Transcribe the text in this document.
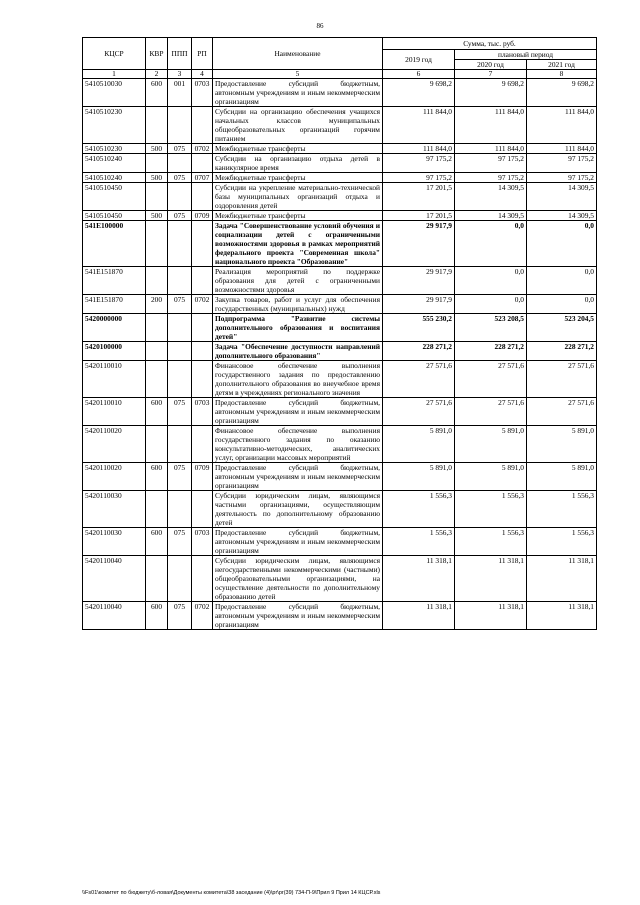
86
КЦСР	КВР	ППП	РП	Наименование	Сумма, тыс. руб.		
					2019 год	плановый период	
						2020 год	2021 год
1	2	3	4	5	6	7	8
5410510030	600	001	0703	Предоставление субсидий бюджетным, автономным учреждениям и иным некоммерческим организациям	9 698,2	9 698,2	9 698,2
5410510230				Субсидии на организацию обеспечения учащихся начальных классов муниципальных общеобразовательных организаций горячим питанием	111 844,0	111 844,0	111 844,0
5410510230	500	075	0702	Межбюджетные трансферты	111 844,0	111 844,0	111 844,0
5410510240				Субсидии на организацию отдыха детей в каникулярное время	97 175,2	97 175,2	97 175,2
5410510240	500	075	0707	Межбюджетные трансферты	97 175,2	97 175,2	97 175,2
5410510450				Субсидии на укрепление материально-технической базы муниципальных организаций отдыха и оздоровления детей	17 201,5	14 309,5	14 309,5
5410510450	500	075	0709	Межбюджетные трансферты	17 201,5	14 309,5	14 309,5
541E100000				Задача "Совершенствование условий обучения и социализации детей с ограниченными возможностями здоровья в рамках мероприятий федерального проекта "Современная школа" национального проекта "Образование"	29 917,9	0,0	0,0
541E151870				Реализация мероприятий по поддержке образования для детей с ограниченными возможностями здоровья	29 917,9	0,0	0,0
541E151870	200	075	0702	Закупка товаров, работ и услуг для обеспечения государственных (муниципальных) нужд	29 917,9	0,0	0,0
5420000000				Подпрограмма "Развитие системы дополнительного образования и воспитания детей"	555 230,2	523 208,5	523 204,5
5420100000				Задача "Обеспечение доступности направлений дополнительного образования"	228 271,2	228 271,2	228 271,2
5420110010				Финансовое обеспечение выполнения государственного задания по предоставлению дополнительного образования во внеучебное время детям в учреждениях регионального значения	27 571,6	27 571,6	27 571,6
5420110010	600	075	0703	Предоставление субсидий бюджетным, автономным учреждениям и иным некоммерческим организациям	27 571,6	27 571,6	27 571,6
5420110020				Финансовое обеспечение выполнения государственного задания по оказанию консультативно-методических, аналитических услуг, организации массовых мероприятий	5 891,0	5 891,0	5 891,0
5420110020	600	075	0709	Предоставление субсидий бюджетным, автономным учреждениям и иным некоммерческим организациям	5 891,0	5 891,0	5 891,0
5420110030				Субсидии юридическим лицам, являющимся частными организациями, осуществляющим деятельность по дополнительному образованию детей	1 556,3	1 556,3	1 556,3
5420110030	600	075	0703	Предоставление субсидий бюджетным, автономным учреждениям и иным некоммерческим организациям	1 556,3	1 556,3	1 556,3
5420110040				Субсидии юридическим лицам, являющимся негосударственными некоммерческими (частными) общеобразовательными организациями, на осуществление деятельности по дополнительному образованию детей	11 318,1	11 318,1	11 318,1
5420110040	600	075	0702	Предоставление субсидий бюджетным, автономным учреждениям и иным некоммерческим организациям	11 318,1	11 318,1	11 318,1
\\Fs01\комитет по бюджету\б-ловая\Документы комитета\38 заседание (4)\pr\pr(39) 734-П-9\Прил 9 Прил 14 КЦСР.xls
